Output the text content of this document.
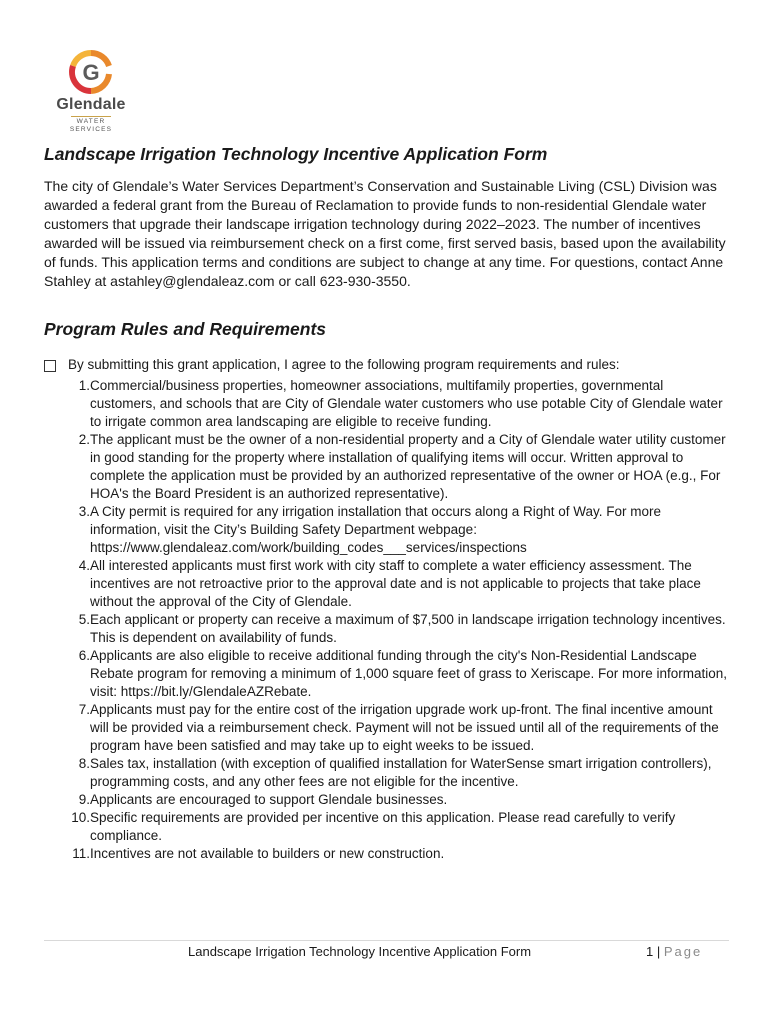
G
Glendale
WATER
SERVICES
Landscape Irrigation Technology Incentive Application Form

The city of Glendale’s Water Services Department’s Conservation and Sustainable Living (CSL) Division was awarded a federal grant from the Bureau of Reclamation to provide funds to non-residential Glendale water customers that upgrade their landscape irrigation technology during 2022–2023. The number of incentives awarded will be issued via reimbursement check on a first come, first served basis, based upon the availability of funds. This application terms and conditions are subject to change at any time. For questions, contact Anne Stahley at astahley@glendaleaz.com or call 623-930-3550.

Program Rules and Requirements
By submitting this grant application, I agree to the following program requirements and rules:
1. Commercial/business properties, homeowner associations, multifamily properties, governmental customers, and schools that are City of Glendale water customers who use potable City of Glendale water to irrigate common area landscaping are eligible to receive funding.
2. The applicant must be the owner of a non-residential property and a City of Glendale water utility customer in good standing for the property where installation of qualifying items will occur. Written approval to complete the application must be provided by an authorized representative of the owner or HOA (e.g., For HOA's the Board President is an authorized representative).
3. A City permit is required for any irrigation installation that occurs along a Right of Way. For more information, visit the City’s Building Safety Department webpage: https://www.glendaleaz.com/work/building_codes___services/inspections
4. All interested applicants must first work with city staff to complete a water efficiency assessment. The incentives are not retroactive prior to the approval date and is not applicable to projects that take place without the approval of the City of Glendale.
5. Each applicant or property can receive a maximum of $7,500 in landscape irrigation technology incentives. This is dependent on availability of funds.
6. Applicants are also eligible to receive additional funding through the city's Non-Residential Landscape Rebate program for removing a minimum of 1,000 square feet of grass to Xeriscape. For more information, visit: https://bit.ly/GlendaleAZRebate.
7. Applicants must pay for the entire cost of the irrigation upgrade work up-front. The final incentive amount will be provided via a reimbursement check. Payment will not be issued until all of the requirements of the program have been satisfied and may take up to eight weeks to be issued.
8. Sales tax, installation (with exception of qualified installation for WaterSense smart irrigation controllers), programming costs, and any other fees are not eligible for the incentive.
9. Applicants are encouraged to support Glendale businesses.
10. Specific requirements are provided per incentive on this application. Please read carefully to verify compliance.
11. Incentives are not available to builders or new construction.
Landscape Irrigation Technology Incentive Application Form	1 | Page
